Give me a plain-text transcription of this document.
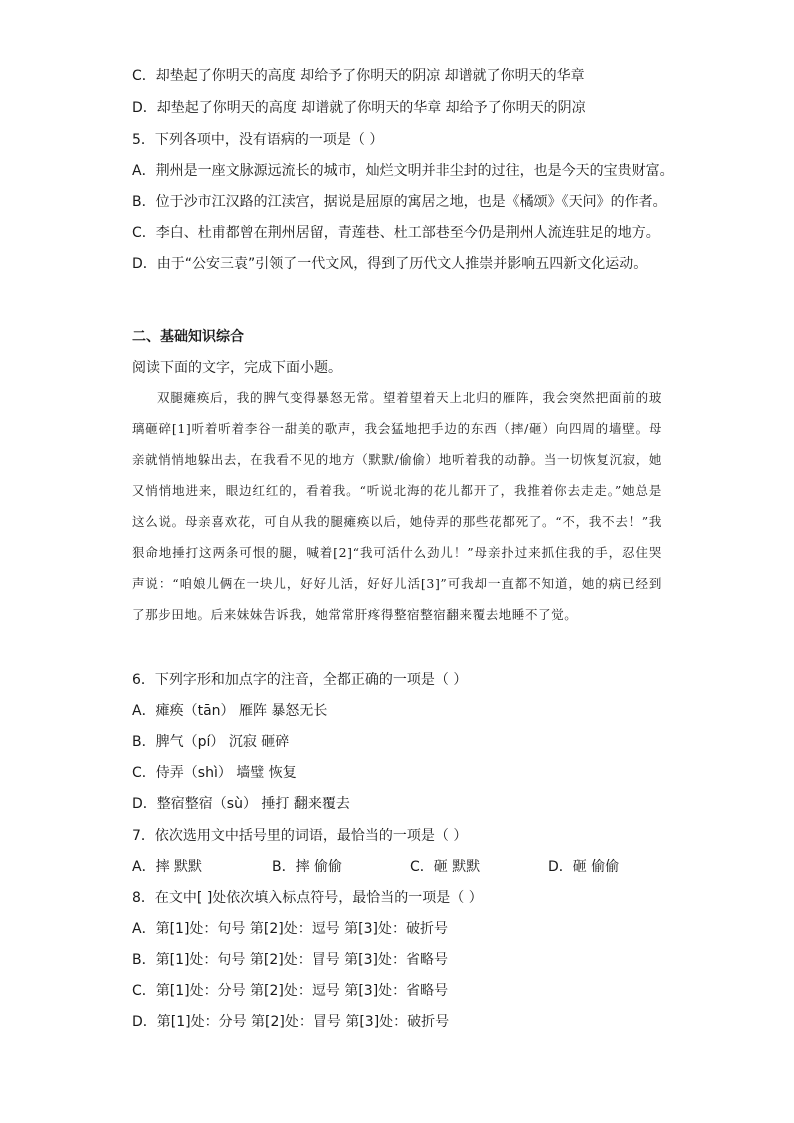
C．却垫起了你明天的高度 却给予了你明天的阴凉 却谱就了你明天的华章
D．却垫起了你明天的高度 却谱就了你明天的华章 却给予了你明天的阴凉
5．下列各项中，没有语病的一项是（ ）
A．荆州是一座文脉源远流长的城市，灿烂文明并非尘封的过往，也是今天的宝贵财富。
B．位于沙市江汉路的江渎宫，据说是屈原的寓居之地，也是《橘颂》《天问》的作者。
C．李白、杜甫都曾在荆州居留，青莲巷、杜工部巷至今仍是荆州人流连驻足的地方。
D．由于“公安三袁”引领了一代文风，得到了历代文人推崇并影响五四新文化运动。
二、基础知识综合
阅读下面的文字，完成下面小题。

双腿瘫痪后，我的脾气变得暴怒无常。望着望着天上北归的雁阵，我会突然把面前的玻璃砸碎[1]听着听着李谷一甜美的歌声，我会猛地把手边的东西（摔/砸）向四周的墙壁。母亲就悄悄地躲出去，在我看不见的地方（默默/偷偷）地听着我的动静。当一切恢复沉寂，她又悄悄地进来，眼边红红的，看着我。“听说北海的花儿都开了，我推着你去走走。”她总是这么说。母亲喜欢花，可自从我的腿瘫痪以后，她侍弄的那些花都死了。“不，我不去！”我狠命地捶打这两条可恨的腿，喊着[2]“我可活什么劲儿！”母亲扑过来抓住我的手，忍住哭声说：“咱娘儿俩在一块儿，好好儿活，好好儿活[3]”可我却一直都不知道，她的病已经到了那步田地。后来妹妹告诉我，她常常肝疼得整宿整宿翻来覆去地睡不了觉。

6．下列字形和加点字的注音，全都正确的一项是（ ）
A．瘫痪（tān） 雁阵 暴怒无长
B．脾气（pí） 沉寂 砸碎
C．侍弄（shì） 墙璧 恢复
D．整宿整宿（sù） 捶打 翻来覆去
7．依次选用文中括号里的词语，最恰当的一项是（ ）
A．摔 默默	B．摔 偷偷	C．砸 默默	D．砸 偷偷
8．在文中[ ]处依次填入标点符号，最恰当的一项是（ ）
A．第[1]处：句号 第[2]处：逗号 第[3]处：破折号
B．第[1]处：句号 第[2]处：冒号 第[3]处：省略号
C．第[1]处：分号 第[2]处：逗号 第[3]处：省略号
D．第[1]处：分号 第[2]处：冒号 第[3]处：破折号
